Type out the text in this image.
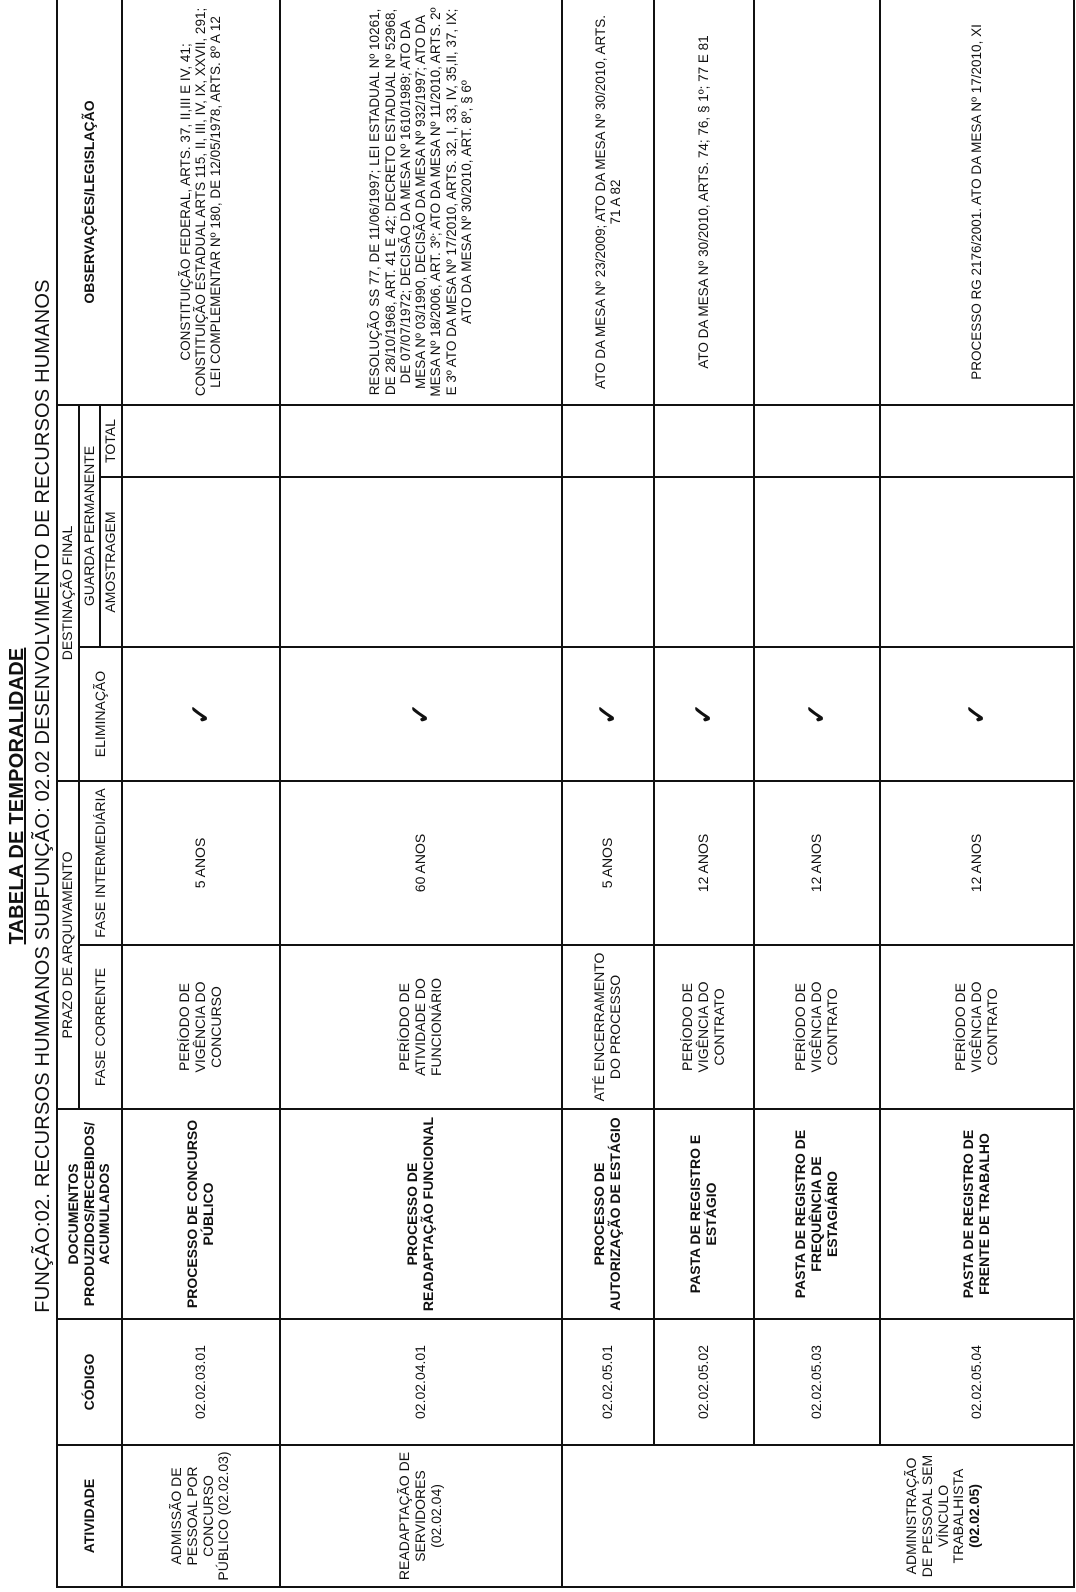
TABELA DE TEMPORALIDADE FUNÇÃO:02. RECURSOS HUMMANOS SUBFUNÇÃO: 02.02 DESENVOLVIMENTO DE RECURSOS HUMANOS
ATIVIDADE	CÓDIGO	DOCUMENTOS PRODUZIDOS/RECEBIDOS/ ACUMULADOS	PRAZO DE ARQUIVAMENTO		DESTINAÇÃO FINAL			OBSERVAÇÕES/LEGISLAÇÃO
			FASE CORRENTE	FASE INTERMEDIÁRIA	ELIMINAÇÃO	GUARDA PERMANENTE		
						AMOSTRAGEM	TOTAL	
ADMISSÃO DE PESSOAL POR CONCURSO PÚBLICO (02.02.03)	02.02.03.01	PROCESSO DE CONCURSO PÚBLICO	PERÍODO DE VIGÊNCIA DO CONCURSO	5 ANOS	✓			CONSTITUIÇÃO FEDERAL, ARTS. 37, II,III E IV, 41; CONSTITUIÇÃO ESTADUAL ARTS 115, II, III, IV, IX, XXVII, 291; LEI COMPLEMENTAR Nº 180, DE 12/05/1978, ARTS. 8º A 12
READAPTAÇÃO DE SERVIDORES (02.02.04)	02.02.04.01	PROCESSO DE READAPTAÇÃO FUNCIONAL	PERÍODO DE ATIVIDADE DO FUNCIONÁRIO	60 ANOS	✓			RESOLUÇÃO SS 77, DE 11/06/1997; LEI ESTADUAL Nº 10261, DE 28/10/1968, ART. 41 E 42; DECRETO ESTADUAL Nº 52968, DE 07/07/1972; DECISÃO DA MESA Nº 1610/1989; ATO DA MESA Nº 03/1990, DECISÃO DA MESA Nº 932/1997; ATO DA MESA Nº 18/2006, ART. 3º; ATO DA MESA Nº 11/2010, ARTS. 2º E 3º ATO DA MESA Nº 17/2010, ARTS. 32, I, 33, IV, 35,II, 37, IX; ATO DA MESA Nº 30/2010, ART. 8º, § 6º
ADMINISTRAÇÃO DE PESSOAL SEM VÍNCULO TRABALHISTA
(02.02.05)	02.02.05.01	PROCESSO DE AUTORIZAÇÃO DE ESTÁGIO	ATÉ ENCERRAMENTO DO PROCESSO	5 ANOS	✓			ATO DA MESA Nº 23/2009; ATO DA MESA Nº 30/2010, ARTS. 71 A 82
	02.02.05.02	PASTA DE REGISTRO E ESTÁGIO	PERÍODO DE VIGÊNCIA DO CONTRATO	12 ANOS	✓			ATO DA MESA Nº 30/2010, ARTS. 74; 76, § 1º; 77 E 81
	02.02.05.03	PASTA DE REGISTRO DE FREQUÊNCIA DE ESTAGIÁRIO	PERÍODO DE VIGÊNCIA DO CONTRATO	12 ANOS	✓			
	02.02.05.04	PASTA DE REGISTRO DE FRENTE DE TRABALHO	PERÍODO DE VIGÊNCIA DO CONTRATO	12 ANOS	✓			PROCESSO RG 2176/2001. ATO DA MESA Nº 17/2010, XI
